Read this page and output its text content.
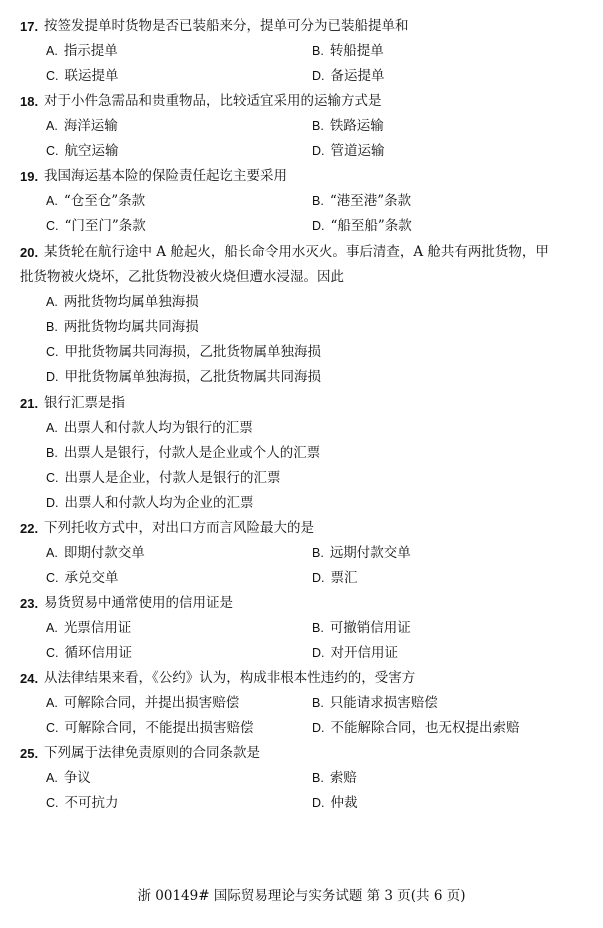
17. 按签发提单时货物是否已装船来分，提单可分为已装船提单和
A. 指示提单	B. 转船提单
C. 联运提单	D. 备运提单
18. 对于小件急需品和贵重物品，比较适宜采用的运输方式是
A. 海洋运输	B. 铁路运输
C. 航空运输	D. 管道运输
19. 我国海运基本险的保险责任起讫主要采用
A. “仓至仓”条款	B. “港至港”条款
C. “门至门”条款	D. “船至船”条款
20. 某货轮在航行途中 A 舱起火，船长命令用水灭火。事后清查，A 舱共有两批货物，甲
批货物被火烧坏，乙批货物没被火烧但遭水浸湿。因此
A. 两批货物均属单独海损
B. 两批货物均属共同海损
C. 甲批货物属共同海损，乙批货物属单独海损
D. 甲批货物属单独海损，乙批货物属共同海损
21. 银行汇票是指
A. 出票人和付款人均为银行的汇票
B. 出票人是银行，付款人是企业或个人的汇票
C. 出票人是企业，付款人是银行的汇票
D. 出票人和付款人均为企业的汇票
22. 下列托收方式中，对出口方而言风险最大的是
A. 即期付款交单	B. 远期付款交单
C. 承兑交单	D. 票汇
23. 易货贸易中通常使用的信用证是
A. 光票信用证	B. 可撤销信用证
C. 循环信用证	D. 对开信用证
24. 从法律结果来看，《公约》认为，构成非根本性违约的，受害方
A. 可解除合同，并提出损害赔偿	B. 只能请求损害赔偿
C. 可解除合同，不能提出损害赔偿	D. 不能解除合同，也无权提出索赔
25. 下列属于法律免责原则的合同条款是
A. 争议	B. 索赔
C. 不可抗力	D. 仲裁
浙 00149# 国际贸易理论与实务试题 第 3 页(共 6 页)
